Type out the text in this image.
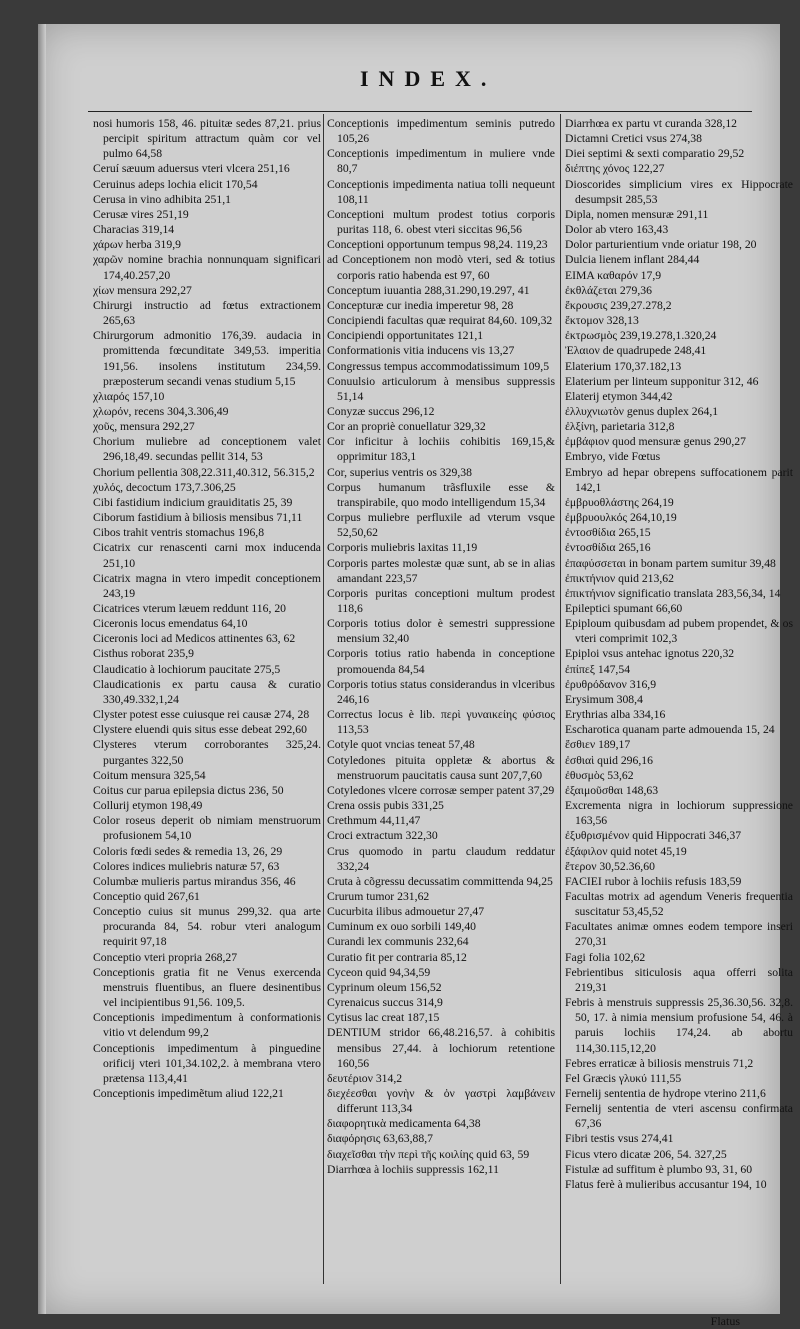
INDEX.

nosi humoris 158, 46. pituitæ sedes 87,21. prius percipit spiritum attractum quàm cor vel pulmo 64,58

Ceruí sæuum aduersus vteri vlcera 251,16

Ceruinus adeps lochia elicit 170,54

Cerusa in vino adhibita 251,1

Cerusæ vires 251,19

Characias 319,14

χάρων herba 319,9

χαρῶν nomine brachia nonnunquam significari 174,40.257,20

χίων mensura 292,27

Chirurgi instructio ad fœtus extractionem 265,63

Chirurgorum admonitio 176,39. audacia in promittenda fœcunditate 349,53. imperitia 191,56. insolens institutum 234,59. præposterum secandi venas studium 5,15

χλιαρός 157,10

χλωρόν, recens 304,3.306,49

χοῦς, mensura 292,27

Chorium muliebre ad conceptionem valet 296,18,49. secundas pellit 314, 53

Chorium pellentia 308,22.311,40.312, 56.315,2

χυλός, decoctum 173,7.306,25

Cibi fastidium indicium grauiditatis 25, 39

Ciborum fastidium à biliosis mensibus 71,11

Cibos trahit ventris stomachus 196,8

Cicatrix cur renascenti carni mox inducenda 251,10

Cicatrix magna in vtero impedit conceptionem 243,19

Cicatrices vterum læuem reddunt 116, 20

Ciceronis locus emendatus 64,10

Ciceronis loci ad Medicos attinentes 63, 62

Cisthus roborat 235,9

Claudicatio à lochiorum paucitate 275,5

Claudicationis ex partu causa & curatio 330,49.332,1,24

Clyster potest esse cuiusque rei causæ 274, 28

Clystere eluendi quis situs esse debeat 292,60

Clysteres vterum corroborantes 325,24. purgantes 322,50

Coitum mensura 325,54

Coitus cur parua epilepsia dictus 236, 50

Collurij etymon 198,49

Color roseus deperit ob nimiam menstruorum profusionem 54,10

Coloris fœdi sedes & remedia 13, 26, 29

Colores indices muliebris naturæ 57, 63

Columbæ mulieris partus mirandus 356, 46

Conceptio quid 267,61

Conceptio cuius sit munus 299,32. qua arte procuranda 84, 54. robur vteri analogum requirit 97,18

Conceptio vteri propria 268,27

Conceptionis gratia fit ne Venus exercenda menstruis fluentibus, an fluere desinentibus vel incipientibus 91,56. 109,5.

Conceptionis impedimentum à conformationis vitio vt delendum 99,2

Conceptionis impedimentum à pinguedine orificij vteri 101,34.102,2. à membrana vtero prætensa 113,4,41

Conceptionis impedimẽtum aliud 122,21

Conceptionis impedimentum seminis putredo 105,26

Conceptionis impedimentum in muliere vnde 80,7

Conceptionis impedimenta natiua tolli nequeunt 108,11

Conceptioni multum prodest totius corporis puritas 118, 6. obest vteri siccitas 96,56

Conceptioni opportunum tempus 98,24. 119,23

ad Conceptionem non modò vteri, sed & totius corporis ratio habenda est 97, 60

Conceptum iuuantia 288,31.290,19.297, 41

Concepturæ cur inedia imperetur 98, 28

Concipiendi facultas quæ requirat 84,60. 109,32

Concipiendi opportunitates 121,1

Conformationis vitia inducens vis 13,27

Congressus tempus accommodatissimum 109,5

Conuulsio articulorum à mensibus suppressis 51,14

Conyzæ succus 296,12

Cor an propriè conuellatur 329,32

Cor inficitur à lochiis cohibitis 169,15,& opprimitur 183,1

Cor, superius ventris os 329,38

Corpus humanum trãsfluxile esse & transpirabile, quo modo intelligendum 15,34

Corpus muliebre perfluxile ad vterum vsque 52,50,62

Corporis muliebris laxitas 11,19

Corporis partes molestæ quæ sunt, ab se in alias amandant 223,57

Corporis puritas conceptioni multum prodest 118,6

Corporis totius dolor è semestri suppressione mensium 32,40

Corporis totius ratio habenda in conceptione promouenda 84,54

Corporis totius status considerandus in vlceribus 246,16

Correctus locus è lib. περὶ γυναικείης φύσιος 113,53

Cotyle quot vncias teneat 57,48

Cotyledones pituita oppletæ & abortus & menstruorum paucitatis causa sunt 207,7,60

Cotyledones vlcere corrosæ semper patent 37,29

Crena ossis pubis 331,25

Crethmum 44,11,47

Croci extractum 322,30

Crus quomodo in partu claudum reddatur 332,24

Cruta à cõgressu decussatim committenda 94,25

Crurum tumor 231,62

Cucurbita ilibus admouetur 27,47

Cuminum ex ouo sorbili 149,40

Curandi lex communis 232,64

Curatio fit per contraria 85,12

Cyceon quid 94,34,59

Cyprinum oleum 156,52

Cyrenaicus succus 314,9

Cytisus lac creat 187,15

DENTIUM stridor 66,48.216,57. à cohibitis mensibus 27,44. à lochiorum retentione 160,56

δευτέριον 314,2

διεχέεσθαι γονὴν & ὁν γαστρὶ λαμβάνειν differunt 113,34

διαφορητικὰ medicamenta 64,38

διαφόρησις 63,63,88,7

διαχεῖσθαι τὴν περὶ τῆς κοιλίης quid 63, 59

Diarrhœa à lochiis suppressis 162,11

Diarrhœa ex partu vt curanda 328,12

Dictamni Cretici vsus 274,38

Diei septimi & sexti comparatio 29,52

διέπτης χόνος 122,27

Dioscorides simplicium vires ex Hippocrate desumpsit 285,53

Dipla, nomen mensuræ 291,11

Dolor ab vtero 163,43

Dolor parturientium vnde oriatur 198, 20

Dulcia lienem inflant 284,44

EIMA καθαρόν 17,9

ἐκθλάζεται 279,36

ἔκρουσις 239,27.278,2

ἔκτομον 328,13

ἐκτρωσμὸς 239,19.278,1.320,24

Ἐλαιον de quadrupede 248,41

Elaterium 170,37.182,13

Elaterium per linteum supponitur 312, 46

Elaterij etymon 344,42

ἐλλυχνιωτὸν genus duplex 264,1

ἐλξίνη, parietaria 312,8

ἐμβάφιον quod mensuræ genus 290,27

Embryo, vide Fœtus

Embryo ad hepar obrepens suffocationem parit 142,1

ἐμβρυοθλάστης 264,19

ἐμβρυουλκός 264,10,19

ἐντοσθίδια 265,15

ἐντοσθίδια 265,16

ἐπαφύσσεται in bonam partem sumitur 39,48

ἐπικτήνιον quid 213,62

ἐπικτήνιον significatio translata 283,56,34, 14

Epileptici spumant 66,60

Epiploum quibusdam ad pubem propendet, & os vteri comprimit 102,3

Epiploi vsus antehac ignotus 220,32

ἐπίπεξ 147,54

ἐρυθρόδανον 316,9

Erysimum 308,4

Erythrias alba 334,16

Escharotica quanam parte admouenda 15, 24

ἔσθιεν 189,17

ἐσθιαὶ quid 296,16

ἐθυσμὸς 53,62

ἐξαιμοῦσθαι 148,63

Excrementa nigra in lochiorum suppressione 163,56

ἐξυθρισμένον quid Hippocrati 346,37

ἐξάφιλον quid notet 45,19

ἔτερον 30,52.36,60

FACIEI rubor à lochiis refusis 183,59

Facultas motrix ad agendum Veneris frequentia suscitatur 53,45,52

Facultates animæ omnes eodem tempore inseri 270,31

Fagi folia 102,62

Febrientibus siticulosis aqua offerri solita 219,31

Febris à menstruis suppressis 25,36.30,56. 32,8. 50, 17. à nimia mensium profusione 54, 46. à paruis lochiis 174,24. ab abortu 114,30.115,12,20

Febres erraticæ à biliosis menstruis 71,2

Fel Græcis γλυκύ 111,55

Fernelij sententia de hydrope vterino 211,6

Fernelij sententia de vteri ascensu confirmata 67,36

Fibri testis vsus 274,41

Ficus vtero dicatæ 206, 54. 327,25

Fistulæ ad suffitum è plumbo 93, 31, 60

Flatus ferè à mulieribus accusantur 194, 10

Flatus
